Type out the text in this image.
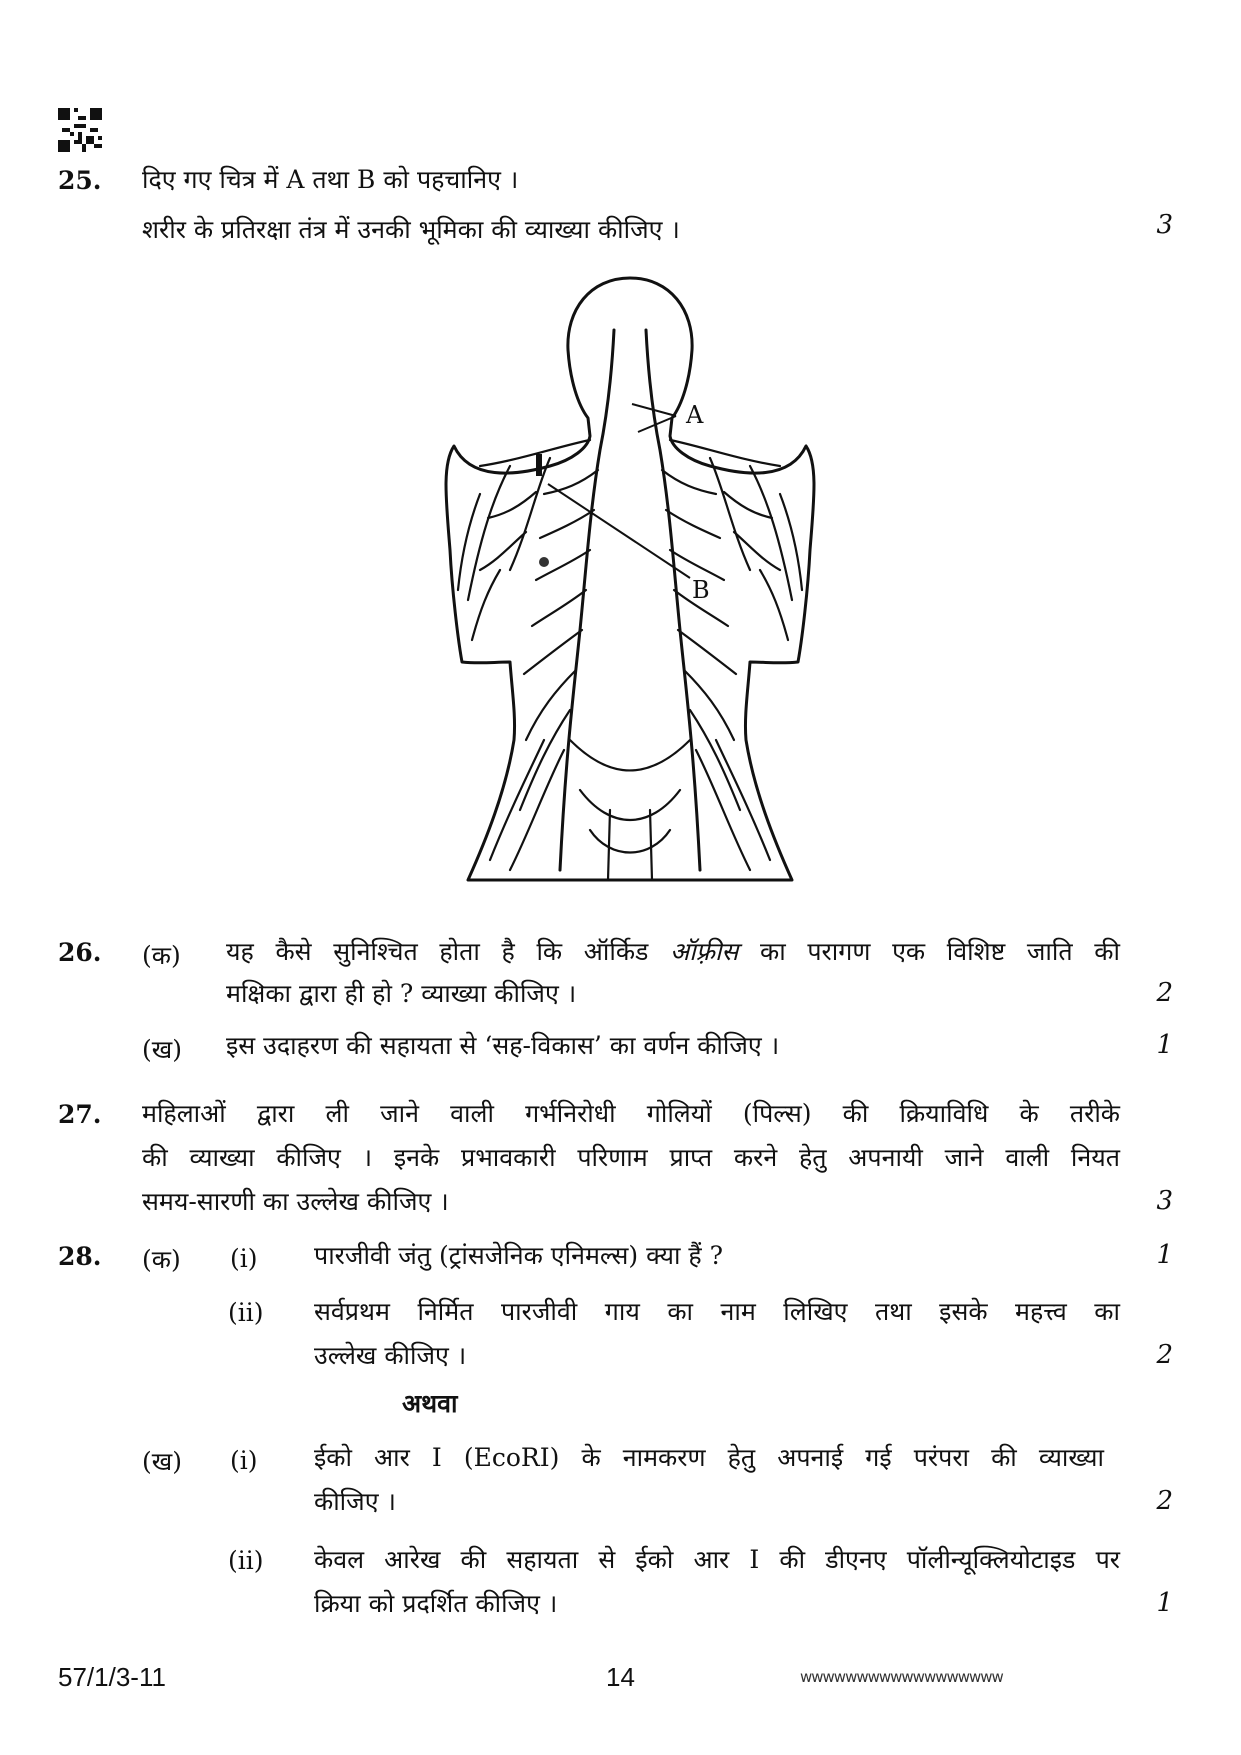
25. दिए गए चित्र में A तथा B को पहचानिए ।
शरीर के प्रतिरक्षा तंत्र में उनकी भूमिका की व्याख्या कीजिए ।	3
A
B
26. (क) यह कैसे सुनिश्चित होता है कि ऑर्किड ऑफ़्रीस का परागण एक विशिष्ट जाति की
मक्षिका द्वारा ही हो ? व्याख्या कीजिए ।	2
(ख) इस उदाहरण की सहायता से ‘सह-विकास’ का वर्णन कीजिए ।	1
27. महिलाओं द्वारा ली जाने वाली गर्भनिरोधी गोलियों (पिल्स) की क्रियाविधि के तरीके
की व्याख्या कीजिए । इनके प्रभावकारी परिणाम प्राप्त करने हेतु अपनायी जाने वाली नियत
समय-सारणी का उल्लेख कीजिए ।	3
28. (क) (i) पारजीवी जंतु (ट्रांसजेनिक एनिमल्स) क्या हैं ?	1
(ii) सर्वप्रथम निर्मित पारजीवी गाय का नाम लिखिए तथा इसके महत्त्व का
उल्लेख कीजिए ।	2
अथवा
(ख) (i) ईको आर I (EcoRI) के नामकरण हेतु अपनाई गई परंपरा की व्याख्या
कीजिए ।	2
(ii) केवल आरेख की सहायता से ईको आर I की डीएनए पॉलीन्यूक्लियोटाइड पर
क्रिया को प्रदर्शित कीजिए ।	1
57/1/3-11	14	wwwwwwwwwwwwwwwwww
